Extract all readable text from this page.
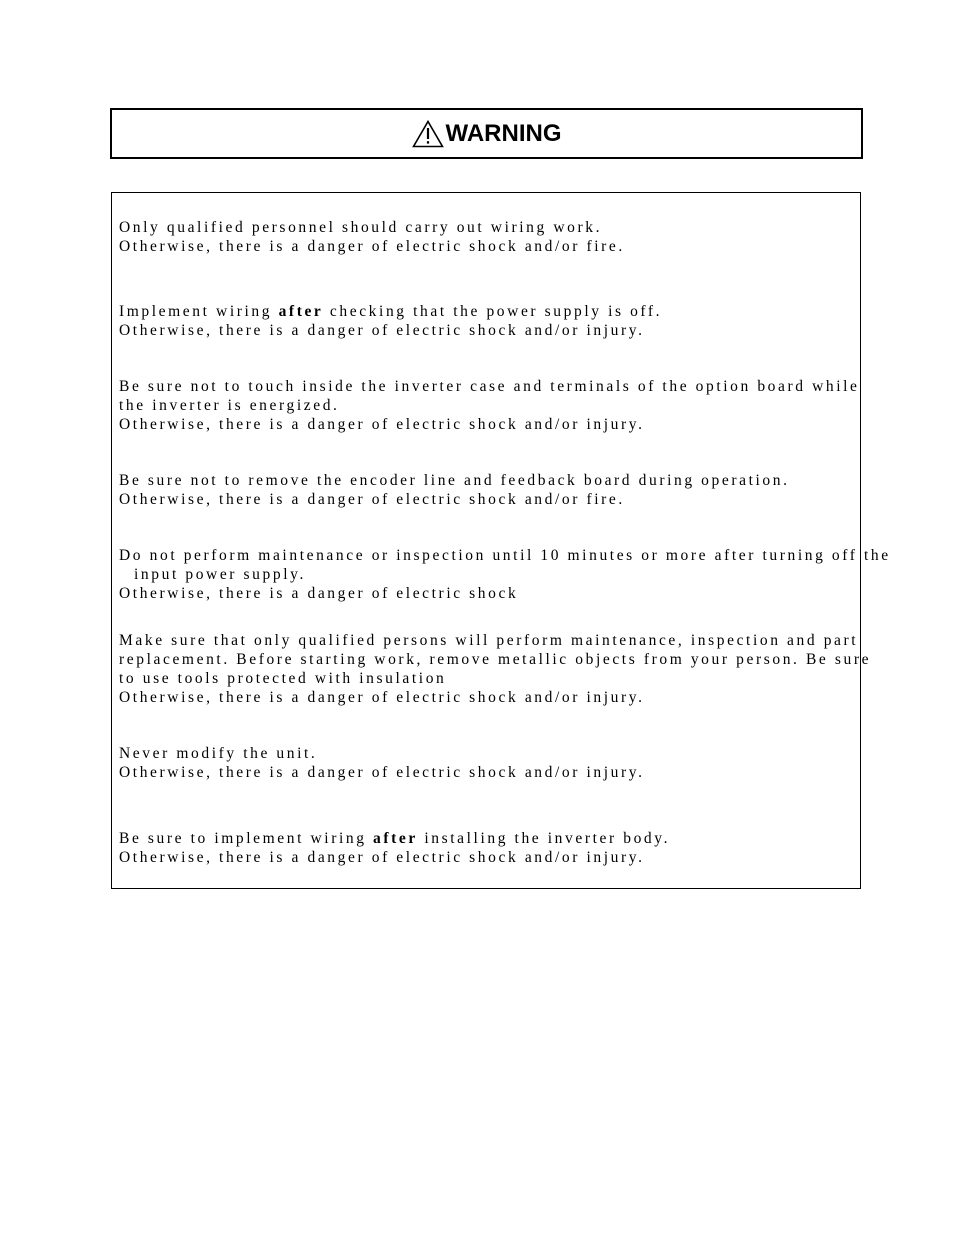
WARNING
Only qualified personnel should carry out wiring work.
Otherwise, there is a danger of electric shock and/or fire.
Implement wiring after checking that the power supply is off.
Otherwise, there is a danger of electric shock and/or injury.
Be sure not to touch inside the inverter case and terminals of the option board while
the inverter is energized.
Otherwise, there is a danger of electric shock and/or injury.
Be sure not to remove the encoder line and feedback board during operation.
Otherwise, there is a danger of electric shock and/or fire.
Do not perform maintenance or inspection until 10 minutes or more after turning off the
input power supply.
Otherwise, there is a danger of electric shock
Make sure that only qualified persons will perform maintenance, inspection and part
replacement. Before starting work, remove metallic objects from your person. Be sure
to use tools protected with insulation
Otherwise, there is a danger of electric shock and/or injury.
Never modify the unit.
Otherwise, there is a danger of electric shock and/or injury.
Be sure to implement wiring after installing the inverter body.
Otherwise, there is a danger of electric shock and/or injury.
